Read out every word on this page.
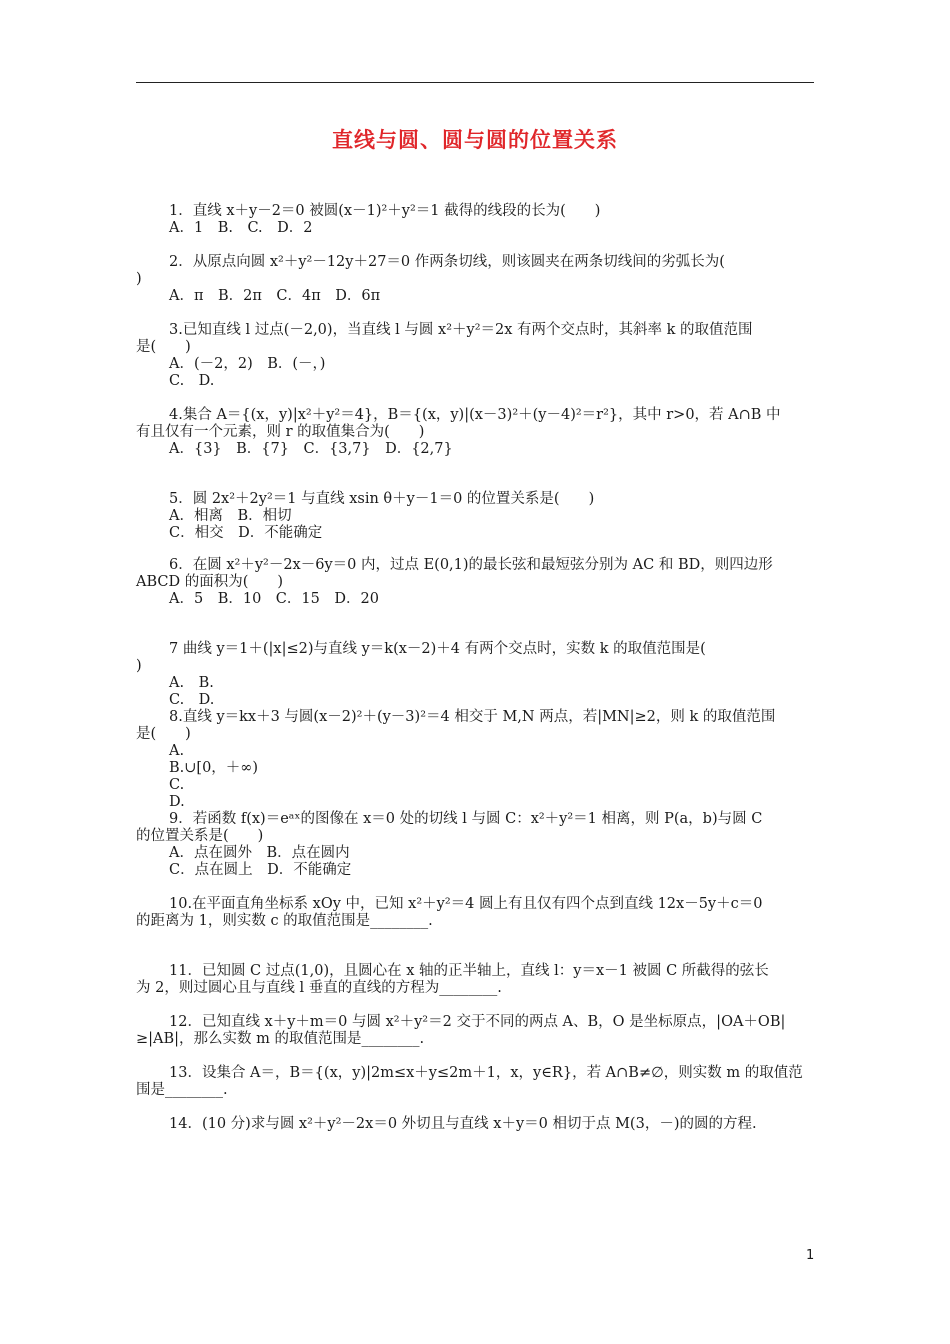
直线与圆、圆与圆的位置关系
1．直线 x＋y－2＝0 被圆(x－1)²＋y²＝1 截得的线段的长为(　　)
A．1　B.　C.　D．2
2．从原点向圆 x²＋y²－12y＋27＝0 作两条切线，则该圆夹在两条切线间的劣弧长为(
)
A．π　B．2π　C．4π　D．6π
3.已知直线 l 过点(－2,0)，当直线 l 与圆 x²＋y²＝2x 有两个交点时，其斜率 k 的取值范围
是(　　)
A．(－2，2)　B．(－，)
C.　D.
4.集合 A＝{(x，y)|x²＋y²＝4}，B＝{(x，y)|(x－3)²＋(y－4)²＝r²}，其中 r>0，若 A∩B 中
有且仅有一个元素，则 r 的取值集合为(　　)
A．{3}　B．{7}　C．{3,7}　D．{2,7}
5．圆 2x²＋2y²＝1 与直线 xsin θ＋y－1＝0 的位置关系是(　　)
A．相离　B．相切
C．相交　D．不能确定
6．在圆 x²＋y²－2x－6y＝0 内，过点 E(0,1)的最长弦和最短弦分别为 AC 和 BD，则四边形
ABCD 的面积为(　　)
A．5　B．10　C．15　D．20
7 曲线 y＝1＋(|x|≤2)与直线 y＝k(x－2)＋4 有两个交点时，实数 k 的取值范围是(
)
A.　B.
C.　D.
8.直线 y＝kx＋3 与圆(x－2)²＋(y－3)²＝4 相交于 M,N 两点，若|MN|≥2，则 k 的取值范围
是(　　)
A.
B.∪[0，＋∞)
C.
D.
9．若函数 f(x)＝eᵃˣ的图像在 x＝0 处的切线 l 与圆 C：x²＋y²＝1 相离，则 P(a，b)与圆 C
的位置关系是(　　)
A．点在圆外　B．点在圆内
C．点在圆上　D．不能确定
10.在平面直角坐标系 xOy 中，已知 x²＋y²＝4 圆上有且仅有四个点到直线 12x－5y＋c＝0
的距离为 1，则实数 c 的取值范围是________.
11．已知圆 C 过点(1,0)，且圆心在 x 轴的正半轴上，直线 l：y＝x－1 被圆 C 所截得的弦长
为 2，则过圆心且与直线 l 垂直的直线的方程为________.
12．已知直线 x＋y＋m＝0 与圆 x²＋y²＝2 交于不同的两点 A、B，O 是坐标原点，|OA＋OB|
≥|AB|，那么实数 m 的取值范围是________.
13．设集合 A＝，B＝{(x，y)|2m≤x＋y≤2m＋1，x，y∈R}，若 A∩B≠∅，则实数 m 的取值范
围是________.
14．(10 分)求与圆 x²＋y²－2x＝0 外切且与直线 x＋y＝0 相切于点 M(3，－)的圆的方程.
1
